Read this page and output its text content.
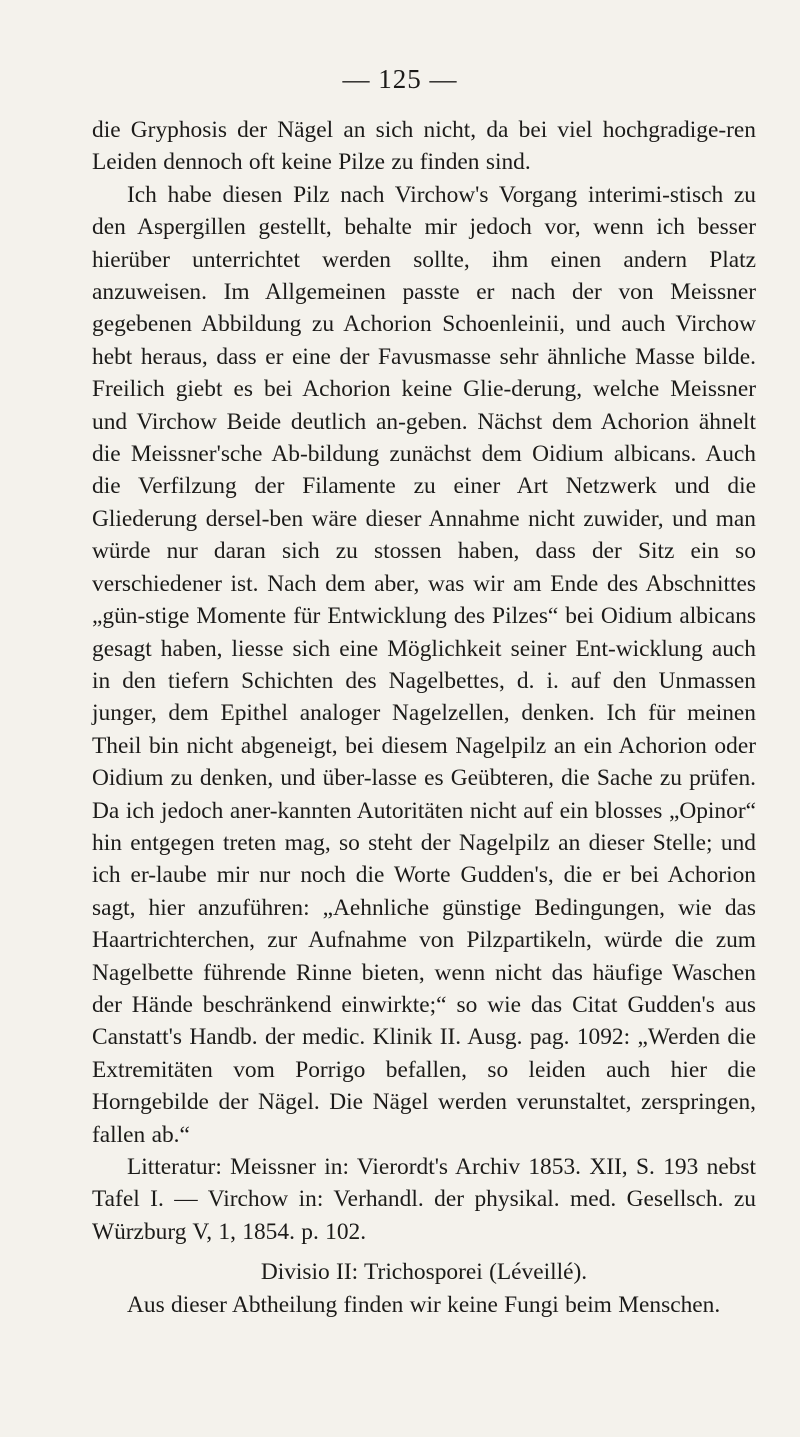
— 125 —

die Gryphosis der Nägel an sich nicht, da bei viel hochgradige-ren Leiden dennoch oft keine Pilze zu finden sind.

Ich habe diesen Pilz nach Virchow's Vorgang interimi-stisch zu den Aspergillen gestellt, behalte mir jedoch vor, wenn ich besser hierüber unterrichtet werden sollte, ihm einen andern Platz anzuweisen. Im Allgemeinen passte er nach der von Meissner gegebenen Abbildung zu Achorion Schoenleinii, und auch Virchow hebt heraus, dass er eine der Favusmasse sehr ähnliche Masse bilde. Freilich giebt es bei Achorion keine Glie-derung, welche Meissner und Virchow Beide deutlich an-geben. Nächst dem Achorion ähnelt die Meissner'sche Ab-bildung zunächst dem Oidium albicans. Auch die Verfilzung der Filamente zu einer Art Netzwerk und die Gliederung dersel-ben wäre dieser Annahme nicht zuwider, und man würde nur daran sich zu stossen haben, dass der Sitz ein so verschiedener ist. Nach dem aber, was wir am Ende des Abschnittes „gün-stige Momente für Entwicklung des Pilzes“ bei Oidium albicans gesagt haben, liesse sich eine Möglichkeit seiner Ent-wicklung auch in den tiefern Schichten des Nagelbettes, d. i. auf den Unmassen junger, dem Epithel analoger Nagelzellen, denken. Ich für meinen Theil bin nicht abgeneigt, bei diesem Nagelpilz an ein Achorion oder Oidium zu denken, und über-lasse es Geübteren, die Sache zu prüfen. Da ich jedoch aner-kannten Autoritäten nicht auf ein blosses „Opinor“ hin entgegen treten mag, so steht der Nagelpilz an dieser Stelle; und ich er-laube mir nur noch die Worte Gudden's, die er bei Achorion sagt, hier anzuführen: „Aehnliche günstige Bedingungen, wie das Haartrichterchen, zur Aufnahme von Pilzpartikeln, würde die zum Nagelbette führende Rinne bieten, wenn nicht das häufige Waschen der Hände beschränkend einwirkte;“ so wie das Citat Gudden's aus Canstatt's Handb. der medic. Klinik II. Ausg. pag. 1092: „Werden die Extremitäten vom Porrigo befallen, so leiden auch hier die Horngebilde der Nägel. Die Nägel werden verunstaltet, zerspringen, fallen ab.“

Litteratur: Meissner in: Vierordt's Archiv 1853. XII, S. 193 nebst Tafel I. — Virchow in: Verhandl. der physikal. med. Gesellsch. zu Würzburg V, 1, 1854. p. 102.

Divisio II: Trichosporei (Léveillé).

Aus dieser Abtheilung finden wir keine Fungi beim Menschen.
